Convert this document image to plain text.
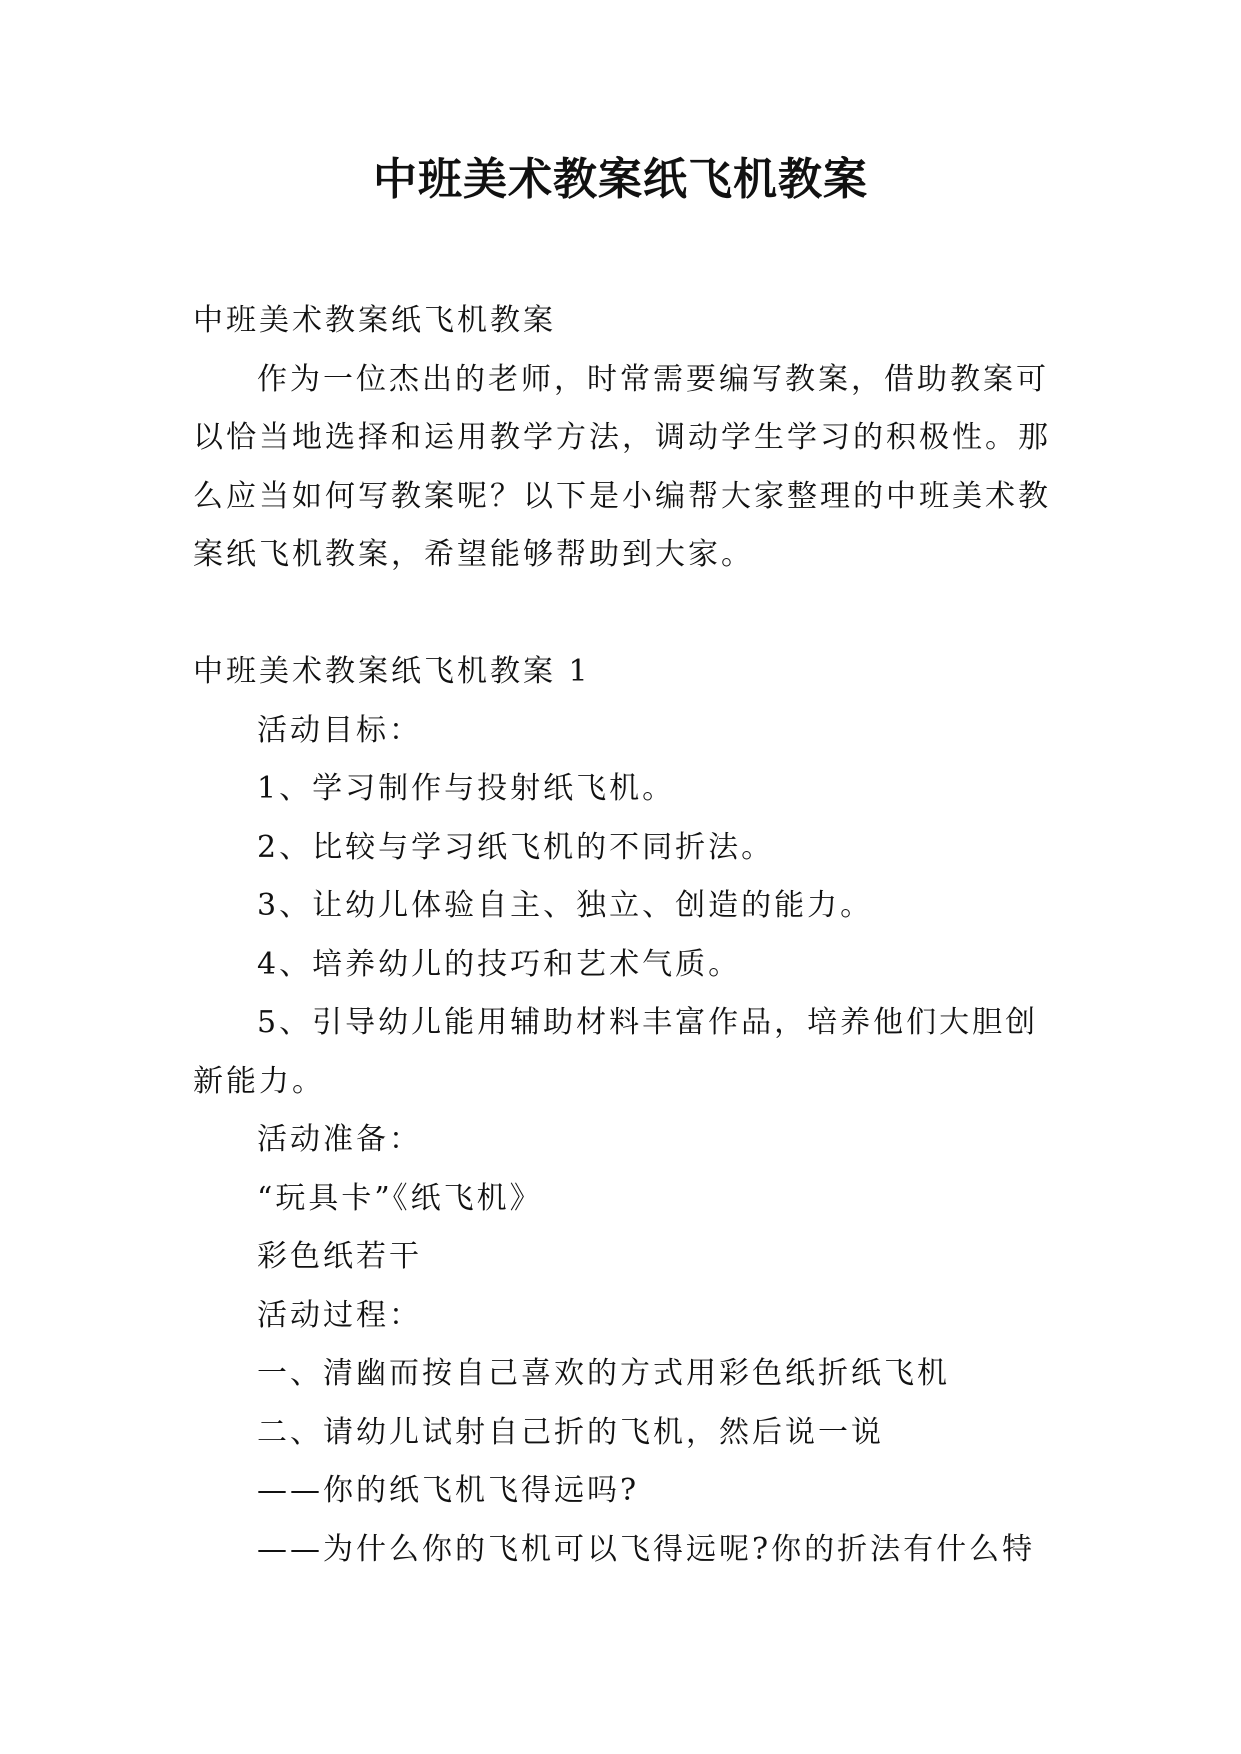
中班美术教案纸飞机教案

中班美术教案纸飞机教案

作为一位杰出的老师，时常需要编写教案，借助教案可以恰当地选择和运用教学方法，调动学生学习的积极性。那么应当如何写教案呢？以下是小编帮大家整理的中班美术教案纸飞机教案，希望能够帮助到大家。

中班美术教案纸飞机教案 1

活动目标：

1、学习制作与投射纸飞机。

2、比较与学习纸飞机的不同折法。

3、让幼儿体验自主、独立、创造的能力。

4、培养幼儿的技巧和艺术气质。

5、引导幼儿能用辅助材料丰富作品，培养他们大胆创新能力。

活动准备：

“玩具卡”《纸飞机》

彩色纸若干

活动过程：

一、清幽而按自己喜欢的方式用彩色纸折纸飞机

二、请幼儿试射自己折的飞机，然后说一说

——你的纸飞机飞得远吗?

——为什么你的飞机可以飞得远呢?你的折法有什么特
